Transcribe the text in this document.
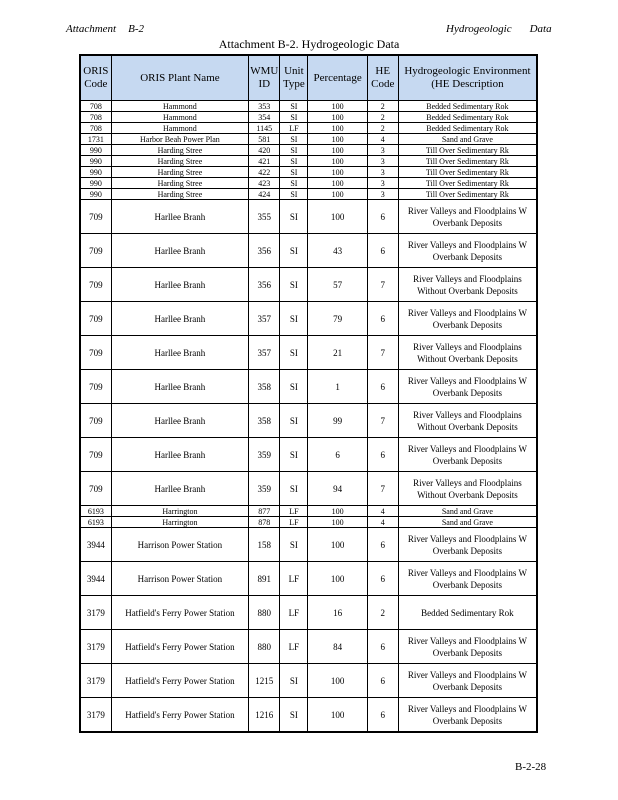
Attachment B-2	Hydrogeologic Data
Attachment B-2. Hydrogeologic Data
ORIS Code	ORIS Plant Name	WMU ID	Unit Type	Percentage	HE Code	Hydrogeologic Environment (HE Description
708	Hammond	353	SI	100	2	Bedded Sedimentary Rok
708	Hammond	354	SI	100	2	Bedded Sedimentary Rok
708	Hammond	1145	LF	100	2	Bedded Sedimentary Rok
1731	Harbor Beah Power Plan	581	SI	100	4	Sand and Grave
990	Harding Stree	420	SI	100	3	Till Over Sedimentary Rk
990	Harding Stree	421	SI	100	3	Till Over Sedimentary Rk
990	Harding Stree	422	SI	100	3	Till Over Sedimentary Rk
990	Harding Stree	423	SI	100	3	Till Over Sedimentary Rk
990	Harding Stree	424	SI	100	3	Till Over Sedimentary Rk
709	Harllee Branh	355	SI	100	6	River Valleys and Floodplains W Overbank Deposits
709	Harllee Branh	356	SI	43	6	River Valleys and Floodplains W Overbank Deposits
709	Harllee Branh	356	SI	57	7	River Valleys and Floodplains Without Overbank Deposits
709	Harllee Branh	357	SI	79	6	River Valleys and Floodplains W Overbank Deposits
709	Harllee Branh	357	SI	21	7	River Valleys and Floodplains Without Overbank Deposits
709	Harllee Branh	358	SI	1	6	River Valleys and Floodplains W Overbank Deposits
709	Harllee Branh	358	SI	99	7	River Valleys and Floodplains Without Overbank Deposits
709	Harllee Branh	359	SI	6	6	River Valleys and Floodplains W Overbank Deposits
709	Harllee Branh	359	SI	94	7	River Valleys and Floodplains Without Overbank Deposits
6193	Harrington	877	LF	100	4	Sand and Grave
6193	Harrington	878	LF	100	4	Sand and Grave
3944	Harrison Power Station	158	SI	100	6	River Valleys and Floodplains W Overbank Deposits
3944	Harrison Power Station	891	LF	100	6	River Valleys and Floodplains W Overbank Deposits
3179	Hatfield's Ferry Power Station	880	LF	16	2	Bedded Sedimentary Rok
3179	Hatfield's Ferry Power Station	880	LF	84	6	River Valleys and Floodplains W Overbank Deposits
3179	Hatfield's Ferry Power Station	1215	SI	100	6	River Valleys and Floodplains W Overbank Deposits
3179	Hatfield's Ferry Power Station	1216	SI	100	6	River Valleys and Floodplains W Overbank Deposits
B-2-28
